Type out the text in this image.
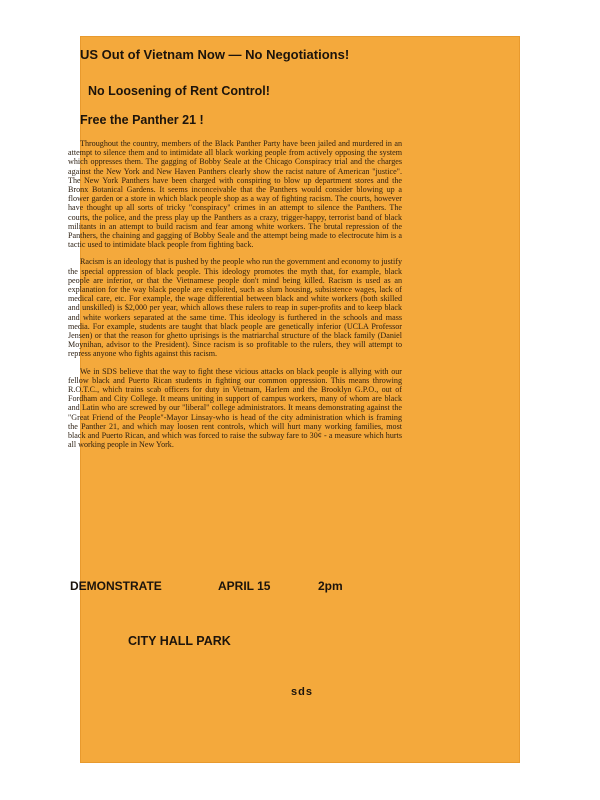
US Out of Vietnam Now — No Negotiations!
No Loosening of Rent Control!
Free the Panther 21 !

Throughout the country, members of the Black Panther Party have been jailed and murdered in an attempt to silence them and to intimidate all black working people from actively opposing the system which oppresses them. The gagging of Bobby Seale at the Chicago Conspiracy trial and the charges against the New York and New Haven Panthers clearly show the racist nature of American "justice". The New York Panthers have been charged with conspiring to blow up department stores and the Bronx Botanical Gardens. It seems inconceivable that the Panthers would consider blowing up a flower garden or a store in which black people shop as a way of fighting racism. The courts, however have thought up all sorts of tricky "conspiracy" crimes in an attempt to silence the Panthers. The courts, the police, and the press play up the Panthers as a crazy, trigger-happy, terrorist band of black militants in an attempt to build racism and fear among white workers. The brutal repression of the Panthers, the chaining and gagging of Bobby Seale and the attempt being made to electrocute him is a tactic used to intimidate black people from fighting back.

Racism is an ideology that is pushed by the people who run the government and economy to justify the special oppression of black people. This ideology promotes the myth that, for example, black people are inferior, or that the Vietnamese people don't mind being killed. Racism is used as an explanation for the way black people are exploited, such as slum housing, subsistence wages, lack of medical care, etc. For example, the wage differential between black and white workers (both skilled and unskilled) is $2,000 per year, which allows these rulers to reap in super-profits and to keep black and white workers separated at the same time. This ideology is furthered in the schools and mass media. For example, students are taught that black people are genetically inferior (UCLA Professor Jensen) or that the reason for ghetto uprisings is the matriarchal structure of the black family (Daniel Moynihan, advisor to the President). Since racism is so profitable to the rulers, they will attempt to repress anyone who fights against this racism.

We in SDS believe that the way to fight these vicious attacks on black people is allying with our fellow black and Puerto Rican students in fighting our common oppression. This means throwing R.O.T.C., which trains scab officers for duty in Vietnam, Harlem and the Brooklyn G.P.O., out of Fordham and City College. It means uniting in support of campus workers, many of whom are black and Latin who are screwed by our "liberal" college administrators. It means demonstrating against the "Great Friend of the People"-Mayor Linsay-who is head of the city administration which is framing the Panther 21, and which may loosen rent controls, which will hurt many working families, most black and Puerto Rican, and which was forced to raise the subway fare to 30¢ - a measure which hurts all working people in New York.

DEMONSTRATE	APRIL 15	2pm
CITY HALL PARK
sds
